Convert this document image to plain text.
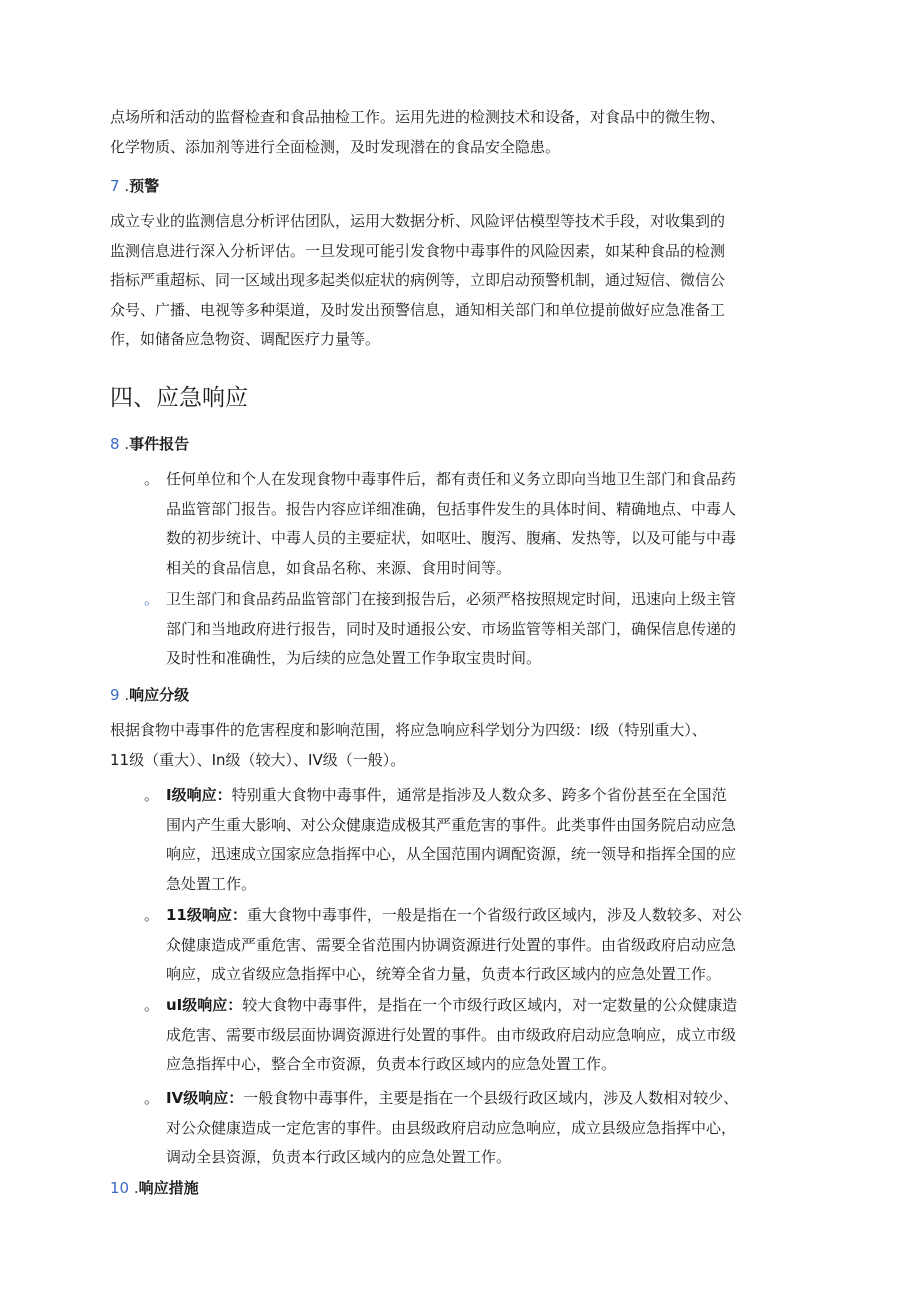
点场所和活动的监督检查和食品抽检工作。运用先进的检测技术和设备，对食品中的微生物、

化学物质、添加剂等进行全面检测，及时发现潜在的食品安全隐患。

7 .预警

成立专业的监测信息分析评估团队，运用大数据分析、风险评估模型等技术手段，对收集到的

监测信息进行深入分析评估。一旦发现可能引发食物中毒事件的风险因素，如某种食品的检测

指标严重超标、同一区域出现多起类似症状的病例等，立即启动预警机制，通过短信、微信公

众号、广播、电视等多种渠道，及时发出预警信息，通知相关部门和单位提前做好应急准备工

作，如储备应急物资、调配医疗力量等。

四、应急响应
8 .事件报告
。 任何单位和个人在发现食物中毒事件后，都有责任和义务立即向当地卫生部门和食品药

品监管部门报告。报告内容应详细准确，包括事件发生的具体时间、精确地点、中毒人

数的初步统计、中毒人员的主要症状，如呕吐、腹泻、腹痛、发热等，以及可能与中毒

相关的食品信息，如食品名称、来源、食用时间等。

。 卫生部门和食品药品监管部门在接到报告后，必须严格按照规定时间，迅速向上级主管

部门和当地政府进行报告，同时及时通报公安、市场监管等相关部门，确保信息传递的

及时性和准确性，为后续的应急处置工作争取宝贵时间。

9 .响应分级

根据食物中毒事件的危害程度和影响范围，将应急响应科学划分为四级：I级（特别重大）、

11级（重大）、In级（较大）、IV级（一般）。

。 I级响应： 特别重大食物中毒事件，通常是指涉及人数众多、跨多个省份甚至在全国范

围内产生重大影响、对公众健康造成极其严重危害的事件。此类事件由国务院启动应急

响应，迅速成立国家应急指挥中心，从全国范围内调配资源，统一领导和指挥全国的应

急处置工作。

。 11级响应： 重大食物中毒事件，一般是指在一个省级行政区域内，涉及人数较多、对公

众健康造成严重危害、需要全省范围内协调资源进行处置的事件。由省级政府启动应急

响应，成立省级应急指挥中心，统筹全省力量，负责本行政区域内的应急处置工作。

。 uI级响应： 较大食物中毒事件，是指在一个市级行政区域内，对一定数量的公众健康造

成危害、需要市级层面协调资源进行处置的事件。由市级政府启动应急响应，成立市级

应急指挥中心，整合全市资源，负责本行政区域内的应急处置工作。

。 IV级响应： 一般食物中毒事件，主要是指在一个县级行政区域内，涉及人数相对较少、

对公众健康造成一定危害的事件。由县级政府启动应急响应，成立县级应急指挥中心，

调动全县资源，负责本行政区域内的应急处置工作。

10 .响应措施
